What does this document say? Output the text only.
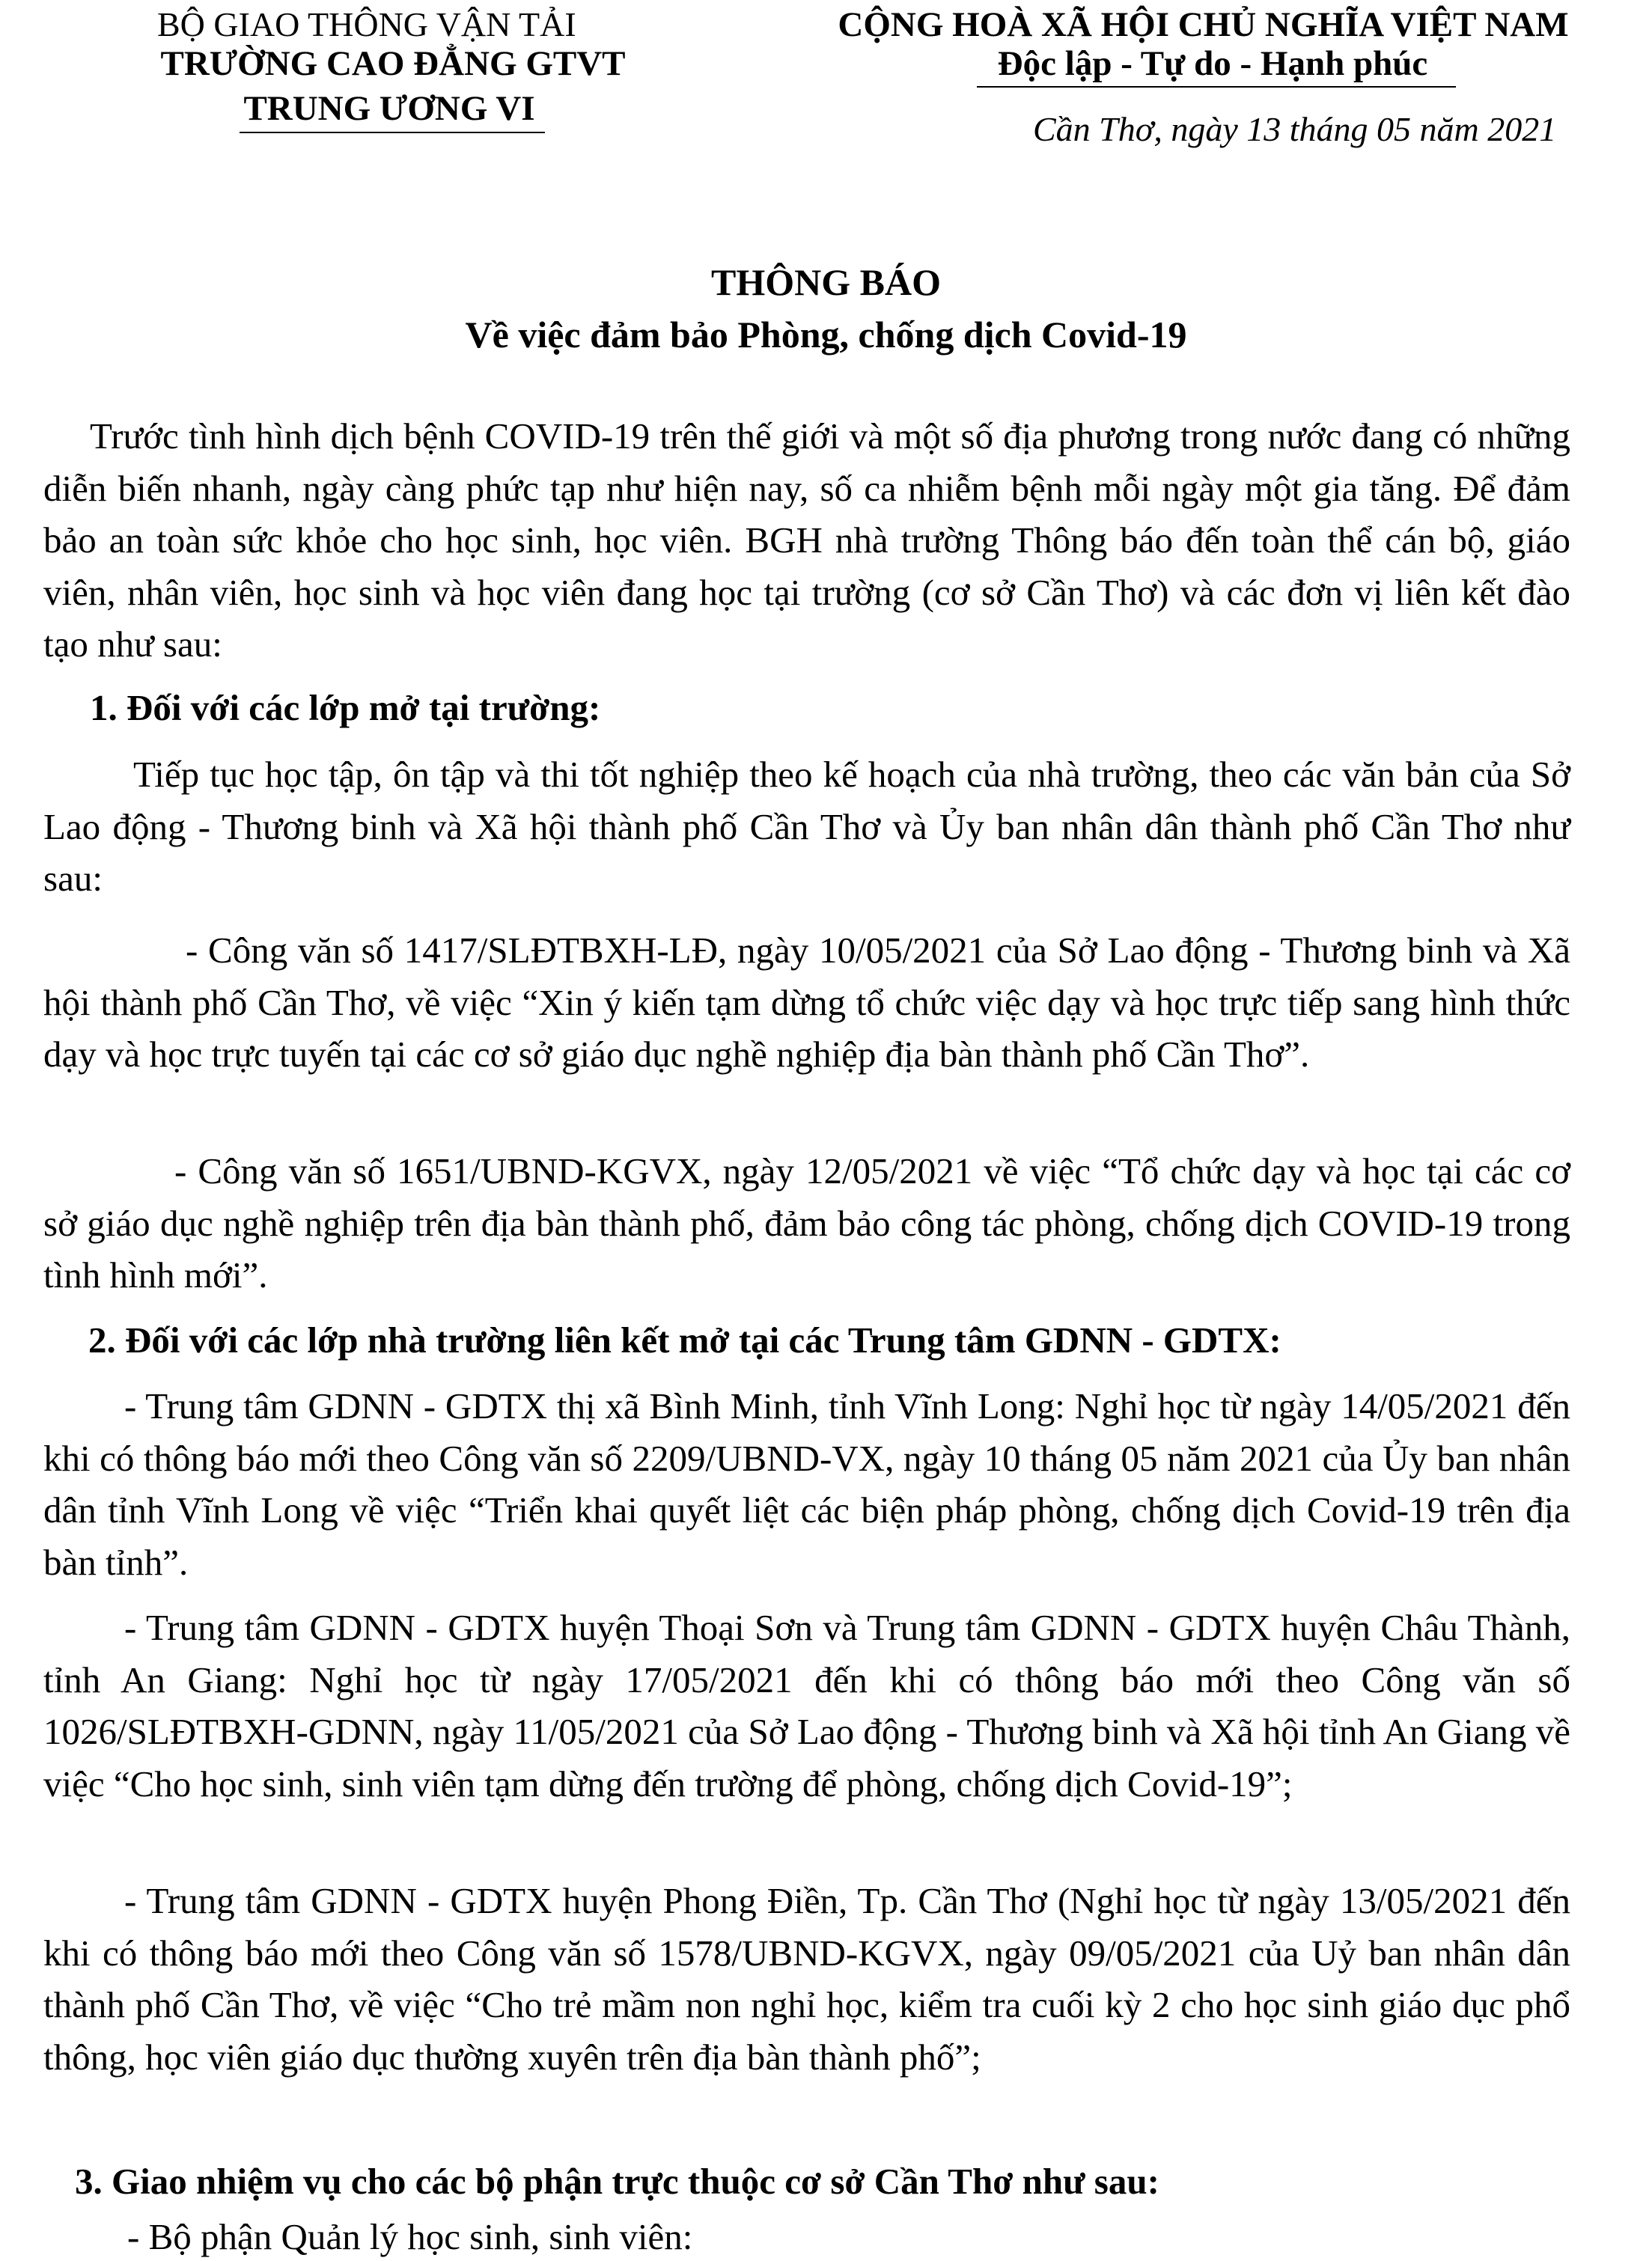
BỘ GIAO THÔNG VẬN TẢI
TRƯỜNG CAO ĐẲNG GTVT
TRUNG ƯƠNG VI
CỘNG HOÀ XÃ HỘI CHỦ NGHĨA VIỆT NAM
Độc lập - Tự do - Hạnh phúc
Cần Thơ, ngày 13 tháng 05 năm 2021
THÔNG BÁO
Về việc đảm bảo Phòng, chống dịch Covid-19
Trước tình hình dịch bệnh COVID-19 trên thế giới và một số địa phương trong nước đang có những diễn biến nhanh, ngày càng phức tạp như hiện nay, số ca nhiễm bệnh mỗi ngày một gia tăng. Để đảm bảo an toàn sức khỏe cho học sinh, học viên. BGH nhà trường Thông báo đến toàn thể cán bộ, giáo viên, nhân viên, học sinh và học viên đang học tại trường (cơ sở Cần Thơ) và các đơn vị liên kết đào tạo như sau:
1. Đối với các lớp mở tại trường:
Tiếp tục học tập, ôn tập và thi tốt nghiệp theo kế hoạch của nhà trường, theo các văn bản của Sở Lao động - Thương binh và Xã hội thành phố Cần Thơ và Ủy ban nhân dân thành phố Cần Thơ như sau:
- Công văn số 1417/SLĐTBXH-LĐ, ngày 10/05/2021 của Sở Lao động - Thương binh và Xã hội thành phố Cần Thơ, về việc “Xin ý kiến tạm dừng tổ chức việc dạy và học trực tiếp sang hình thức dạy và học trực tuyến tại các cơ sở giáo dục nghề nghiệp địa bàn thành phố Cần Thơ”.
- Công văn số 1651/UBND-KGVX, ngày 12/05/2021 về việc “Tổ chức dạy và học tại các cơ sở giáo dục nghề nghiệp trên địa bàn thành phố, đảm bảo công tác phòng, chống dịch COVID-19 trong tình hình mới”.
2. Đối với các lớp nhà trường liên kết mở tại các Trung tâm GDNN - GDTX:
- Trung tâm GDNN - GDTX thị xã Bình Minh, tỉnh Vĩnh Long: Nghỉ học từ ngày 14/05/2021 đến khi có thông báo mới theo Công văn số 2209/UBND-VX, ngày 10 tháng 05 năm 2021 của Ủy ban nhân dân tỉnh Vĩnh Long về việc “Triển khai quyết liệt các biện pháp phòng, chống dịch Covid-19 trên địa bàn tỉnh”.
- Trung tâm GDNN - GDTX huyện Thoại Sơn và Trung tâm GDNN - GDTX huyện Châu Thành, tỉnh An Giang: Nghỉ học từ ngày 17/05/2021 đến khi có thông báo mới theo Công văn số 1026/SLĐTBXH-GDNN, ngày 11/05/2021 của Sở Lao động - Thương binh và Xã hội tỉnh An Giang về việc “Cho học sinh, sinh viên tạm dừng đến trường để phòng, chống dịch Covid-19”;
- Trung tâm GDNN - GDTX huyện Phong Điền, Tp. Cần Thơ (Nghỉ học từ ngày 13/05/2021 đến khi có thông báo mới theo Công văn số 1578/UBND-KGVX, ngày 09/05/2021 của Uỷ ban nhân dân thành phố Cần Thơ, về việc “Cho trẻ mầm non nghỉ học, kiểm tra cuối kỳ 2 cho học sinh giáo dục phổ thông, học viên giáo dục thường xuyên trên địa bàn thành phố”;
3. Giao nhiệm vụ cho các bộ phận trực thuộc cơ sở Cần Thơ như sau:
- Bộ phận Quản lý học sinh, sinh viên:
